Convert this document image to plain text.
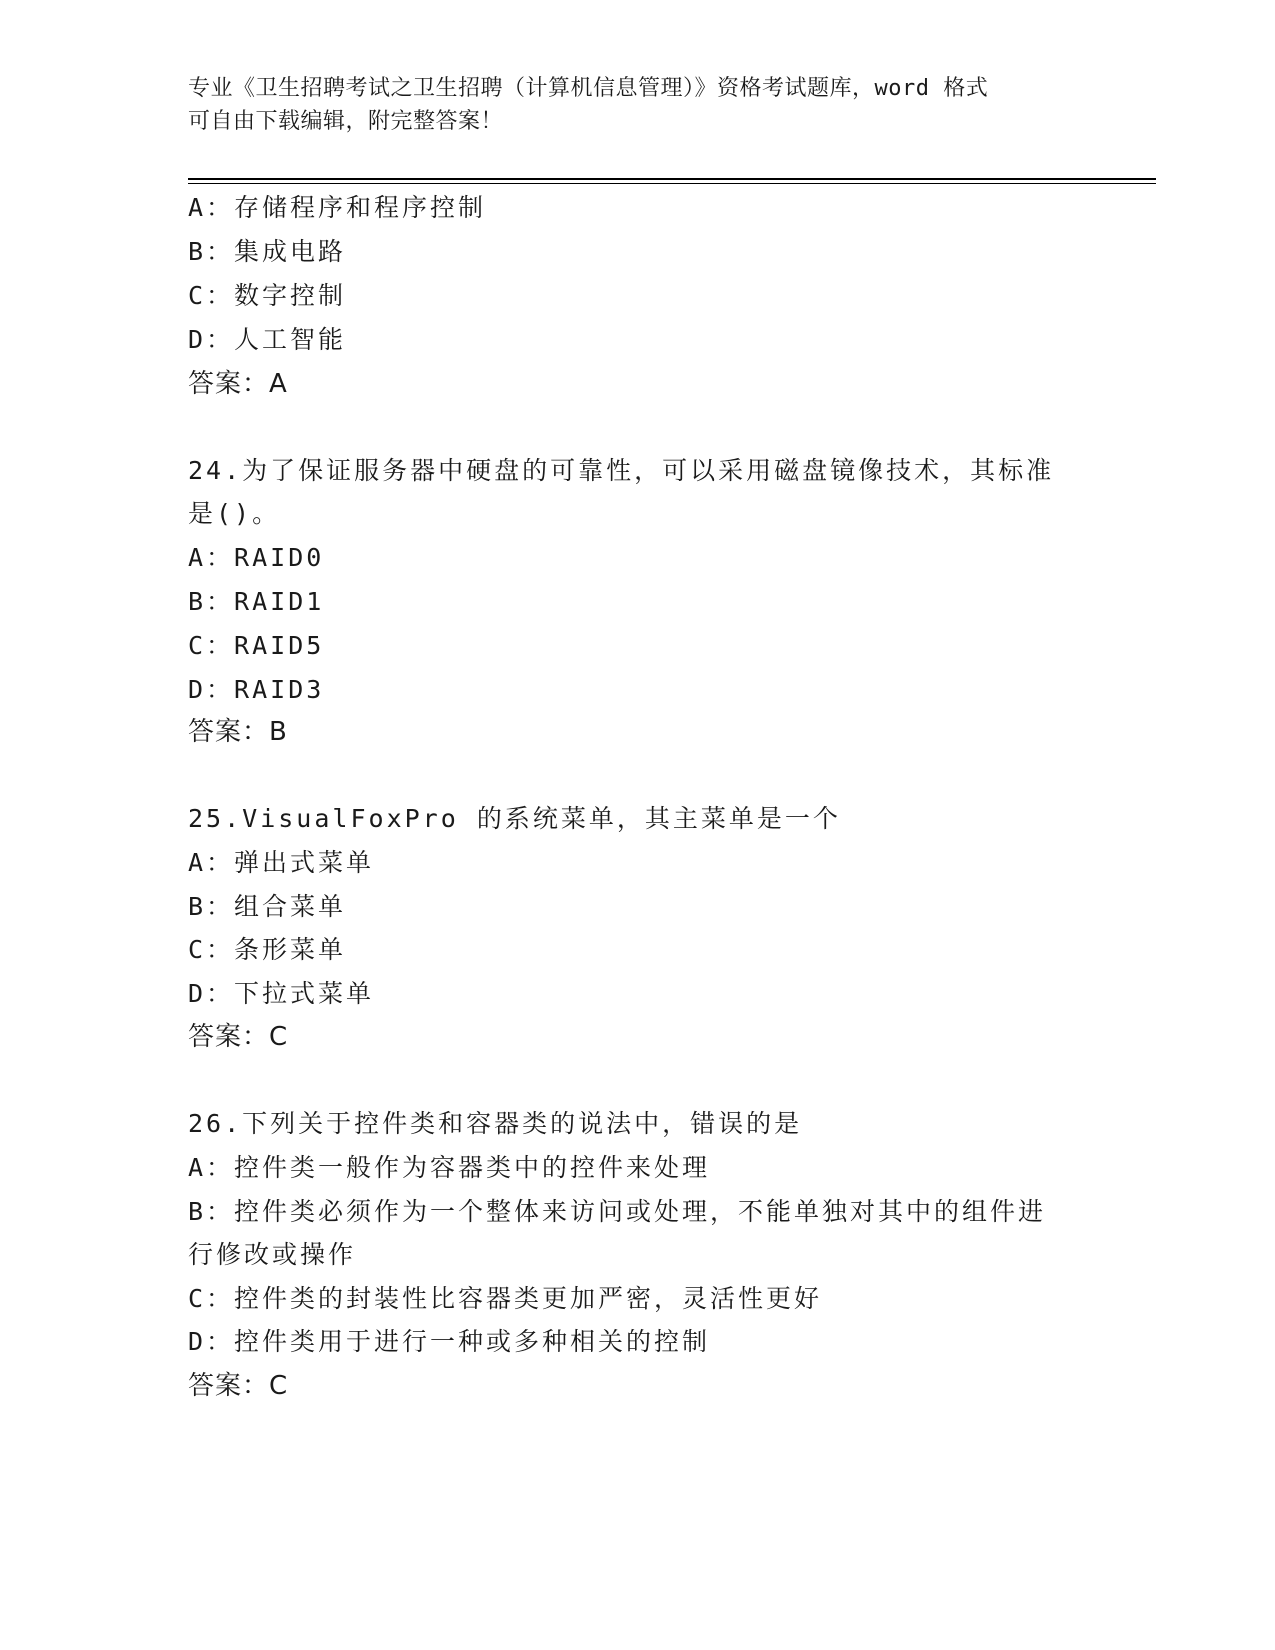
专业《卫生招聘考试之卫生招聘（计算机信息管理）》资格考试题库，word 格式
可自由下载编辑，附完整答案！
A：存储程序和程序控制
B：集成电路
C：数字控制
D：人工智能
答案：A
24.为了保证服务器中硬盘的可靠性，可以采用磁盘镜像技术，其标准
是()。
A：RAID0
B：RAID1
C：RAID5
D：RAID3
答案：B
25.VisualFoxPro 的系统菜单，其主菜单是一个
A：弹出式菜单
B：组合菜单
C：条形菜单
D：下拉式菜单
答案：C
26.下列关于控件类和容器类的说法中，错误的是
A：控件类一般作为容器类中的控件来处理
B：控件类必须作为一个整体来访问或处理，不能单独对其中的组件进
行修改或操作
C：控件类的封装性比容器类更加严密，灵活性更好
D：控件类用于进行一种或多种相关的控制
答案：C
